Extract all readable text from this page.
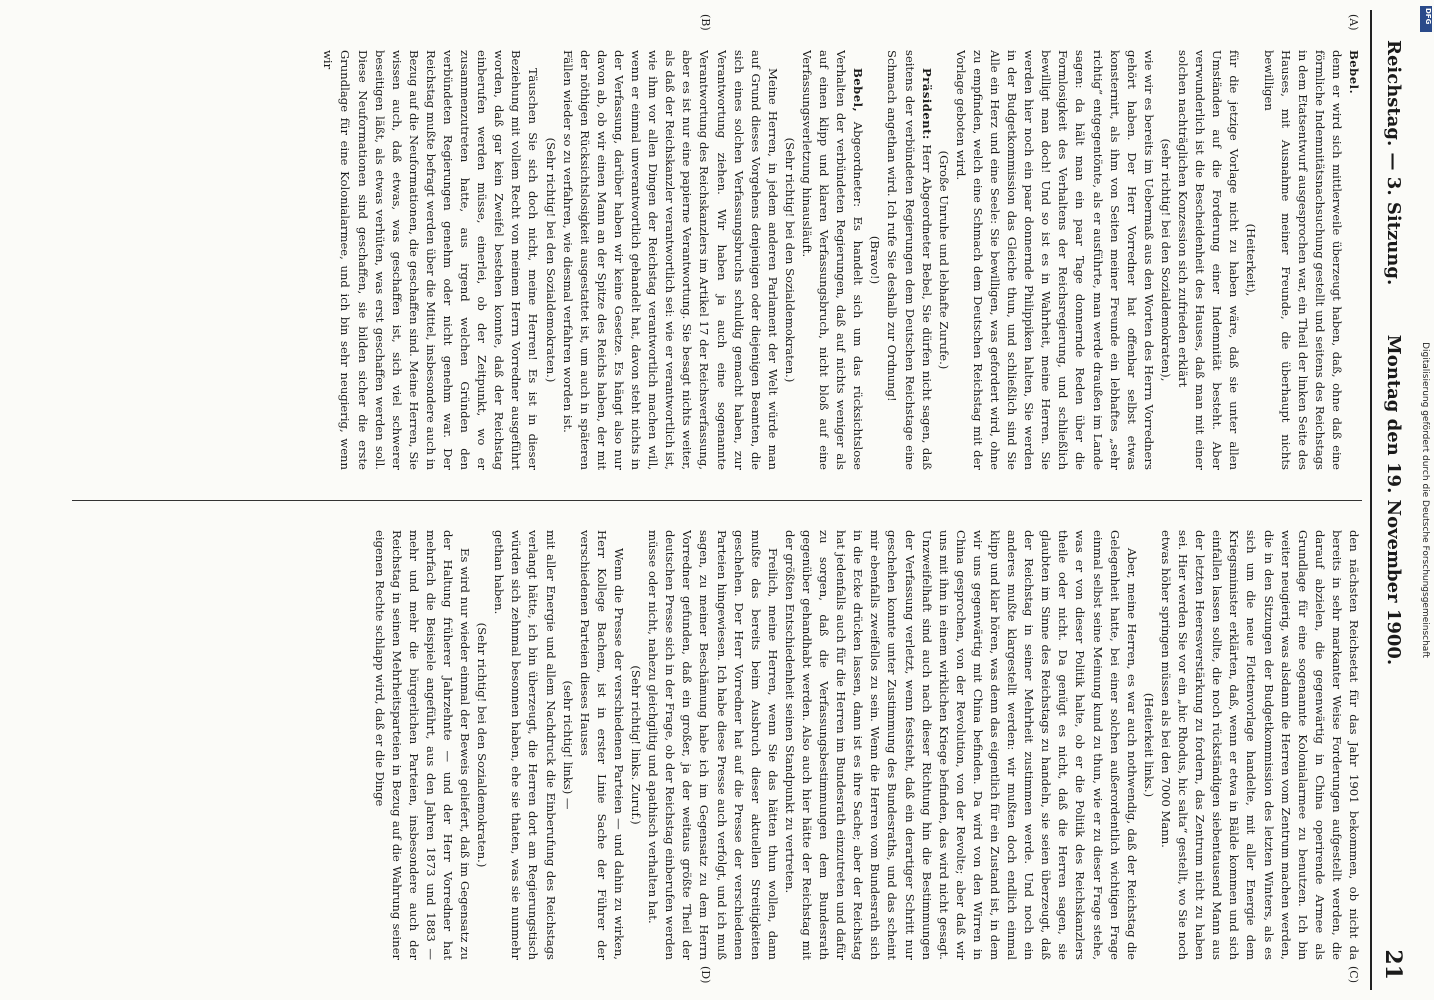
Reichstag. — 3. Sitzung.
Montag den 19. November 1900.
21
(A)
(B)
(C)
(D)

Bebel.

denn er wird sich mittlerweile überzeugt haben, daß, ohne daß eine förmliche Indemnitätsnachsuchung gestellt und seitens des Reichstags in dem Etatsentwurf ausgesprochen war, ein Theil der linken Seite des Hauses, mit Ausnahme meiner Freunde, die überhaupt nichts bewilligen

(Heiterkeit),

für die jetzige Vorlage nicht zu haben wäre, daß sie unter allen Umständen auf die Forderung einer Indemnität besteht. Aber verwunderlich ist die Bescheidenheit des Hauses, daß man mit einer solchen nachträglichen Konzession sich zufrieden erklärt

(sehr richtig! bei den Sozialdemokraten),

wie wir es bereits im Uebermaß aus den Worten des Herrn Vorredners gehört haben. Der Herr Vorredner hat offenbar selbst etwas konsternirt, als ihm von Seiten meiner Freunde ein lebhaftes „sehr richtig“ entgegentönte, als er ausführte, man werde draußen im Lande sagen: da hält man ein paar Tage donnernde Reden über die Formlosigkeit des Verhaltens der Reichsregierung, und schließlich bewilligt man doch! Und so ist es in Wahrheit, meine Herren. Sie werden hier noch ein paar donnernde Philippiken halten, Sie werden in der Budgetkommission das Gleiche thun, und schließlich sind Sie Alle ein Herz und eine Seele: Sie bewilligen, was gefordert wird, ohne zu empfinden, welch eine Schmach dem Deutschen Reichstag mit der Vorlage geboten wird.

(Große Unruhe und lebhafte Zurufe.)

Präsident: Herr Abgeordneter Bebel, Sie dürfen nicht sagen, daß seitens der verbündeten Regierungen dem Deutschen Reichstage eine Schmach angethan wird. Ich rufe Sie deshalb zur Ordnung!

(Bravo!)

Bebel, Abgeordneter: Es handelt sich um das rücksichtslose Verhalten der verbündeten Regierungen, daß auf nichts weniger als auf einen klipp und klaren Verfassungsbruch, nicht bloß auf eine Verfassungsverletzung hinausläuft.

(Sehr richtig! bei den Sozialdemokraten.)

Meine Herren, in jedem anderen Parlament der Welt würde man auf Grund dieses Vorgehens denjenigen oder diejenigen Beamten, die sich eines solchen Verfassungsbruchs schuldig gemacht haben, zur Verantwortung ziehen. Wir haben ja auch eine sogenannte Verantwortung des Reichskanzlers im Artikel 17 der Reichsverfassung, aber es ist nur eine papierne Verantwortung. Sie besagt nichts weiter, als daß der Reichskanzler verantwortlich sei: wie er verantwortlich ist, wie ihm vor allen Dingen der Reichstag verantwortlich machen will, wenn er einmal unverantwortlich gehandelt hat, davon steht nichts in der Verfassung, darüber haben wir keine Gesetze. Es hängt also nur davon ab, ob wir einen Mann an der Spitze des Reichs haben, der mit der nöthigen Rücksichtslosigkeit ausgestattet ist, um auch in späteren Fällen wieder so zu verfahren, wie diesmal verfahren worden ist.

(Sehr richtig! bei den Sozialdemokraten.)

Täuschen Sie sich doch nicht, meine Herren! Es ist in dieser Beziehung mit vollem Recht von meinem Herrn Vorredner ausgeführt worden, daß gar kein Zweifel bestehen konnte, daß der Reichstag einberufen werden müsse, einerlei, ob der Zeitpunkt, wo er zusammenzutreten hatte, aus irgend welchen Gründen den verbündeten Regierungen genehm oder nicht genehm war. Der Reichstag mußte befragt werden über die Mittel, insbesondere auch in Bezug auf die Neuformationen, die geschaffen sind. Meine Herren, Sie wissen auch, daß etwas, was geschaffen ist, sich viel schwerer beseitigen läßt, als etwas verhüten, was erst geschaffen werden soll. Diese Neuformationen sind geschaffen, sie bilden sicher die erste Grundlage für eine Kolonialarmee, und ich bin sehr neugierig, wenn wir

den nächsten Reichsetat für das Jahr 1901 bekommen, ob nicht da bereits in sehr markanter Weise Forderungen aufgestellt werden, die darauf abzielen, die gegenwärtig in China operirende Armee als Grundlage für eine sogenannte Kolonialarmee zu benutzen. Ich bin weiter neugierig, was alsdann die Herren vom Zentrum machen werden, die in den Sitzungen der Budgetkommission des letzten Winters, als es sich um die neue Flottenvorlage handelte, mit aller Energie dem Kriegsminister erklärten, daß, wenn er etwa in Bälde kommen und sich einfallen lassen sollte, die noch rückständigen siebentausend Mann aus der letzten Heeresverstärkung zu fordern, das Zentrum nicht zu haben sei. Hier werden Sie vor ein „hic Rhodus, hic salta“ gestellt, wo Sie noch etwas höher springen müssen als bei den 7000 Mann.

(Heiterkeit links.)

Aber, meine Herren, es war auch nothwendig, daß der Reichstag die Gelegenheit hatte, bei einer solchen außerordentlich wichtigen Frage einmal selbst seine Meinung kund zu thun, wie er zu dieser Frage stehe, was er von dieser Politik halte, ob er die Politik des Reichskanzlers theile oder nicht. Da genügt es nicht, daß die Herren sagen, sie glaubten im Sinne des Reichstags zu handeln, sie seien überzeugt, daß der Reichstag in seiner Mehrheit zustimmen werde. Und noch ein anderes mußte klargestellt werden: wir mußten doch endlich einmal klipp und klar hören, was denn das eigentlich für ein Zustand ist, in dem wir uns gegenwärtig mit China befinden. Da wird von den Wirren in China gesprochen, von der Revolution, von der Revolte; aber daß wir uns mit ihm in einem wirklichen Kriege befinden, das wird nicht gesagt. Unzweifelhaft sind auch nach dieser Richtung hin die Bestimmungen der Verfassung verletzt, wenn feststeht, daß ein derartiger Schritt nur geschehen konnte unter Zustimmung des Bundesraths, und das scheint mir ebenfalls zweifellos zu sein. Wenn die Herren vom Bundesrath sich in die Ecke drücken lassen, dann ist es ihre Sache; aber der Reichstag hat jedenfalls auch für die Herren im Bundesrath einzutreten und dafür zu sorgen, daß die Verfassungsbestimmungen dem Bundesrath gegenüber gehandhabt werden. Also auch hier hätte der Reichstag mit der größten Entschiedenheit seinen Standpunkt zu vertreten.

Freilich, meine Herren, wenn Sie das hätten thun wollen, dann mußte das bereits beim Ausbruch dieser aktuellen Streitigkeiten geschehen. Der Herr Vorredner hat auf die Presse der verschiedenen Parteien hingewiesen. Ich habe diese Presse auch verfolgt, und ich muß sagen, zu meiner Beschämung habe ich im Gegensatz zu dem Herrn Vorredner gefunden, daß ein großer, ja der weitaus größte Theil der deutschen Presse sich in der Frage, ob der Reichstag einberufen werden müsse oder nicht, nahezu gleichgiltig und apathisch verhalten hat.

(Sehr richtig! links. Zuruf.)

Wenn die Presse der verschiedenen Parteien — und dahin zu wirken, Herr Kollege Bachem, ist in erster Linie Sache der Führer der verschiedenen Parteien dieses Hauses

(sehr richtig! links) —

mit aller Energie und allem Nachdruck die Einberufung des Reichstags verlangt hätte, ich bin überzeugt, die Herren dort am Regierungstisch würden sich zehnmal besonnen haben, ehe sie thaten, was sie nunmehr gethan haben.

(Sehr richtig! bei den Sozialdemokraten.)

Es wird nur wieder einmal der Beweis geliefert, daß im Gegensatz zu der Haltung früherer Jahrzehnte — und der Herr Vorredner hat mehrfach die Beispiele angeführt, aus den Jahren 1873 und 1883 — mehr und mehr die bürgerlichen Parteien, insbesondere auch der Reichstag in seinen Mehrheitsparteien in Bezug auf die Wahrung seiner eigenen Rechte schlapp wird, daß er die Dinge

DFG
Digitalisierung gefördert durch die Deutsche Forschungsgemeinschaft
